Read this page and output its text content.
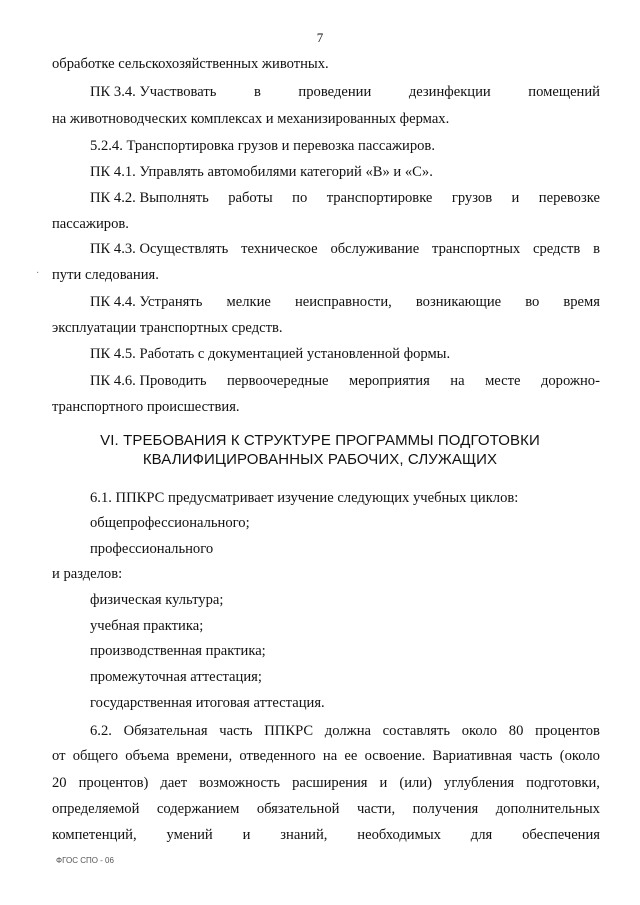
7
·
обработке сельскохозяйственных животных.
ПК 3.4. Участвовать	в	проведении	дезинфекции	помещений
на животноводческих комплексах и механизированных фермах.
5.2.4. Транспортировка грузов и перевозка пассажиров.
ПК 4.1. Управлять автомобилями категорий «В» и «С».
ПК 4.2. Выполнять работы по транспортировке грузов и перевозке
пассажиров.
ПК 4.3. Осуществлять техническое обслуживание транспортных средств в
пути следования.
ПК 4.4. Устранять мелкие неисправности, возникающие во время
эксплуатации транспортных средств.
ПК 4.5. Работать с документацией установленной формы.
ПК 4.6. Проводить первоочередные мероприятия на месте дорожно-
транспортного происшествия.
VI. ТРЕБОВАНИЯ К СТРУКТУРЕ ПРОГРАММЫ ПОДГОТОВКИ
КВАЛИФИЦИРОВАННЫХ РАБОЧИХ, СЛУЖАЩИХ
6.1. ППКРС предусматривает изучение следующих учебных циклов:
общепрофессионального;
профессионального
и разделов:
физическая культура;
учебная практика;
производственная практика;
промежуточная аттестация;
государственная итоговая аттестация.
6.2. Обязательная часть ППКРС должна составлять около 80 процентов
от общего объема времени, отведенного на ее освоение. Вариативная часть (около
20 процентов) дает возможность расширения и (или) углубления подготовки,
определяемой содержанием обязательной части, получения дополнительных
компетенций, умений и знаний, необходимых для обеспечения
ФГОС СПО - 06
